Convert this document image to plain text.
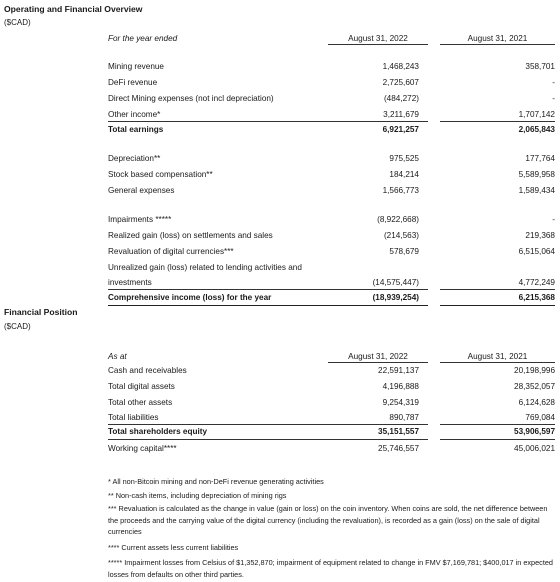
Operating and Financial Overview
($CAD)
For the year ended	August 31, 2022	August 31, 2021
Mining revenue	1,468,243	358,701
DeFi revenue	2,725,607	-
Direct Mining expenses (not incl depreciation)	(484,272)	-
Other income*	3,211,679	1,707,142
Total earnings	6,921,257	2,065,843
Depreciation**	975,525	177,764
Stock based compensation**	184,214	5,589,958
General expenses	1,566,773	1,589,434
Impairments *****	(8,922,668)	-
Realized gain (loss) on settlements and sales	(214,563)	219,368
Revaluation of digital currencies***	578,679	6,515,064
Unrealized gain (loss) related to lending activities and
investments	(14,575,447)	4,772,249
Comprehensive income (loss) for the year	(18,939,254)	6,215,368
Financial Position
($CAD)
As at	August 31, 2022	August 31, 2021
Cash and receivables	22,591,137	20,198,996
Total digital assets	4,196,888	28,352,057
Total other assets	9,254,319	6,124,628
Total liabilities	890,787	769,084
Total shareholders equity	35,151,557	53,906,597
Working capital****	25,746,557	45,006,021
* All non-Bitcoin mining and non-DeFi revenue generating activities
** Non-cash items, including depreciation of mining rigs
*** Revaluation is calculated as the change in value (gain or loss) on the coin inventory. When coins are sold, the net difference between the proceeds and the carrying value of the digital currency (including the revaluation), is recorded as a gain (loss) on the sale of digital currencies
**** Current assets less current liabilities
***** Impairment losses from Celsius of $1,352,870; impairment of equipment related to change in FMV $7,169,781; $400,017 in expected losses from defaults on other third parties.
